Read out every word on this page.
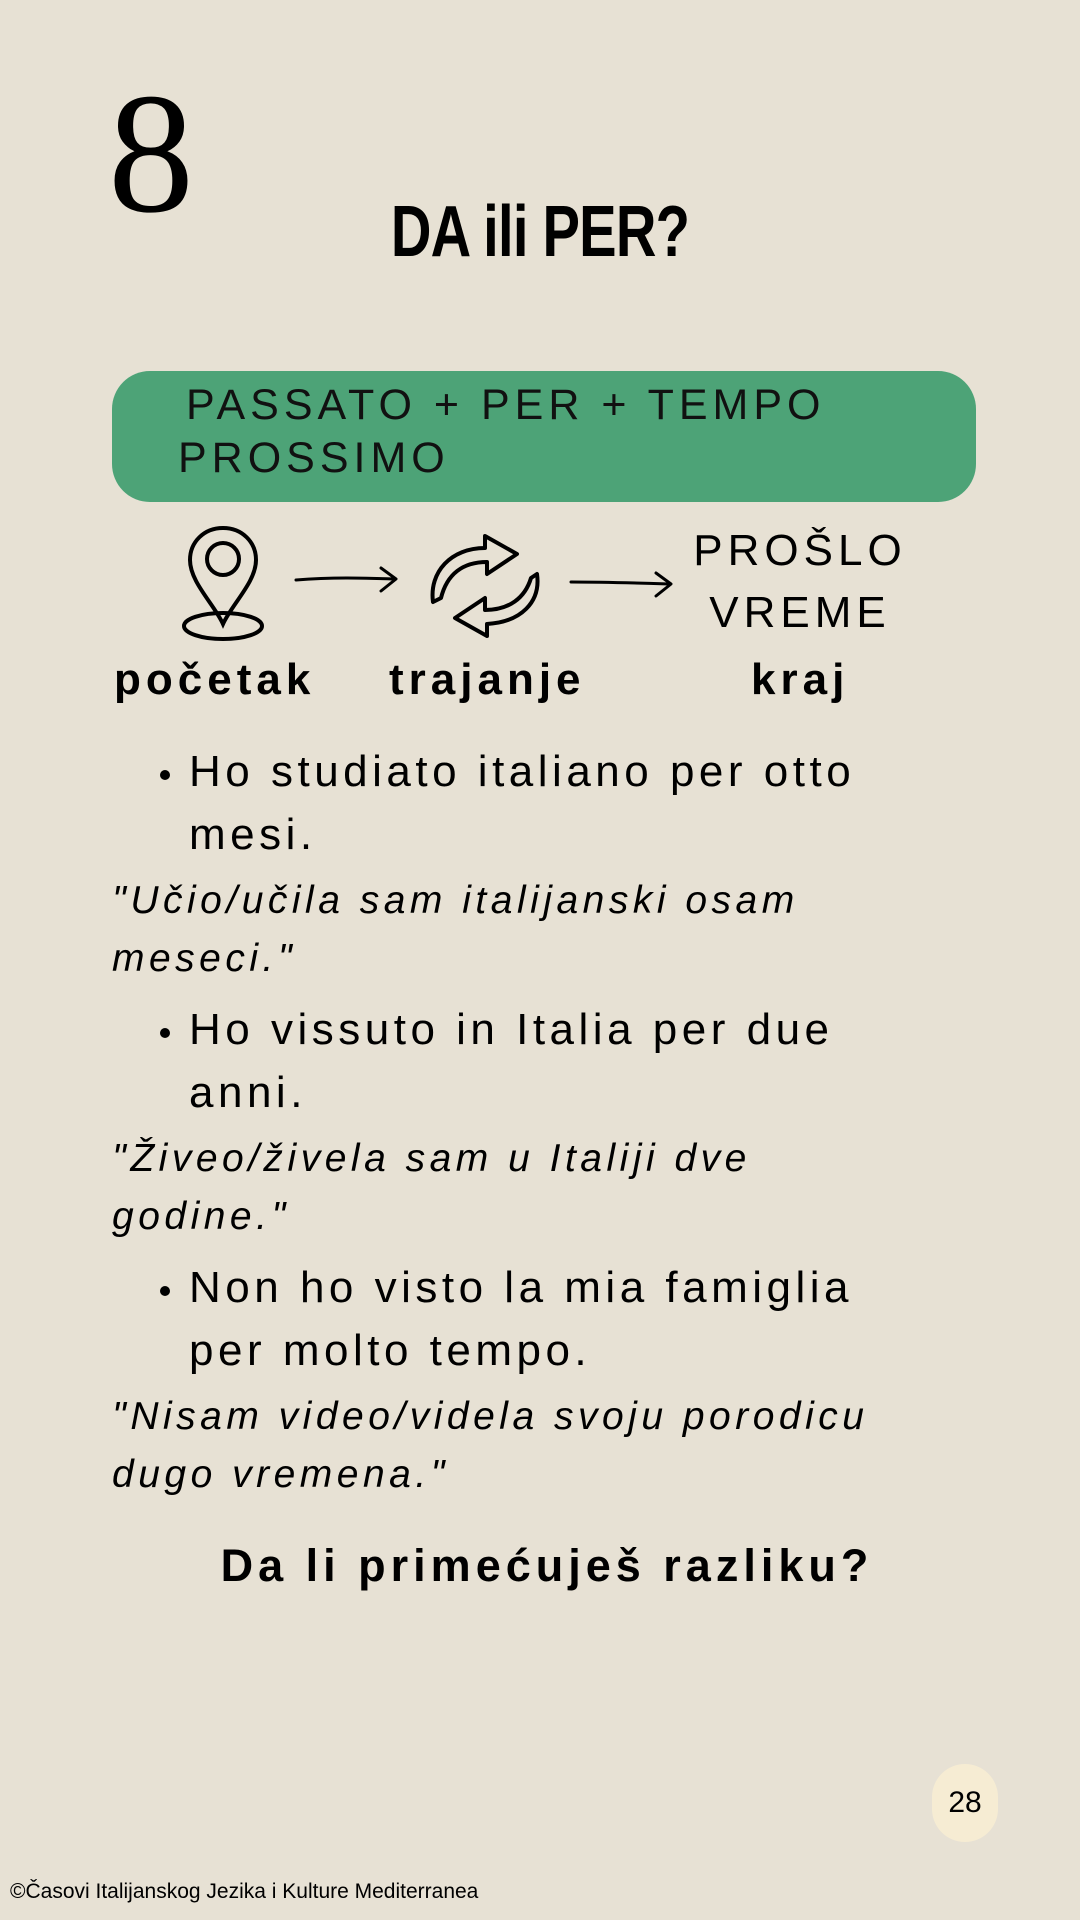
8	DA ili PER?
PASSATO + PER + TEMPO
PROSSIMO
PROŠLO
VREME
početak trajanje	kraj
Ho studiato italiano per otto
mesi.
"Učio/učila sam italijanski osam
meseci."
Ho vissuto in Italia per due
anni.
"Živeo/živela sam u Italiji dve
godine."
Non ho visto la mia famiglia
per molto tempo.
"Nisam video/videla svoju porodicu
dugo vremena."
Da li primećuješ razliku?
28
©Časovi Italijanskog Jezika i Kulture Mediterranea
